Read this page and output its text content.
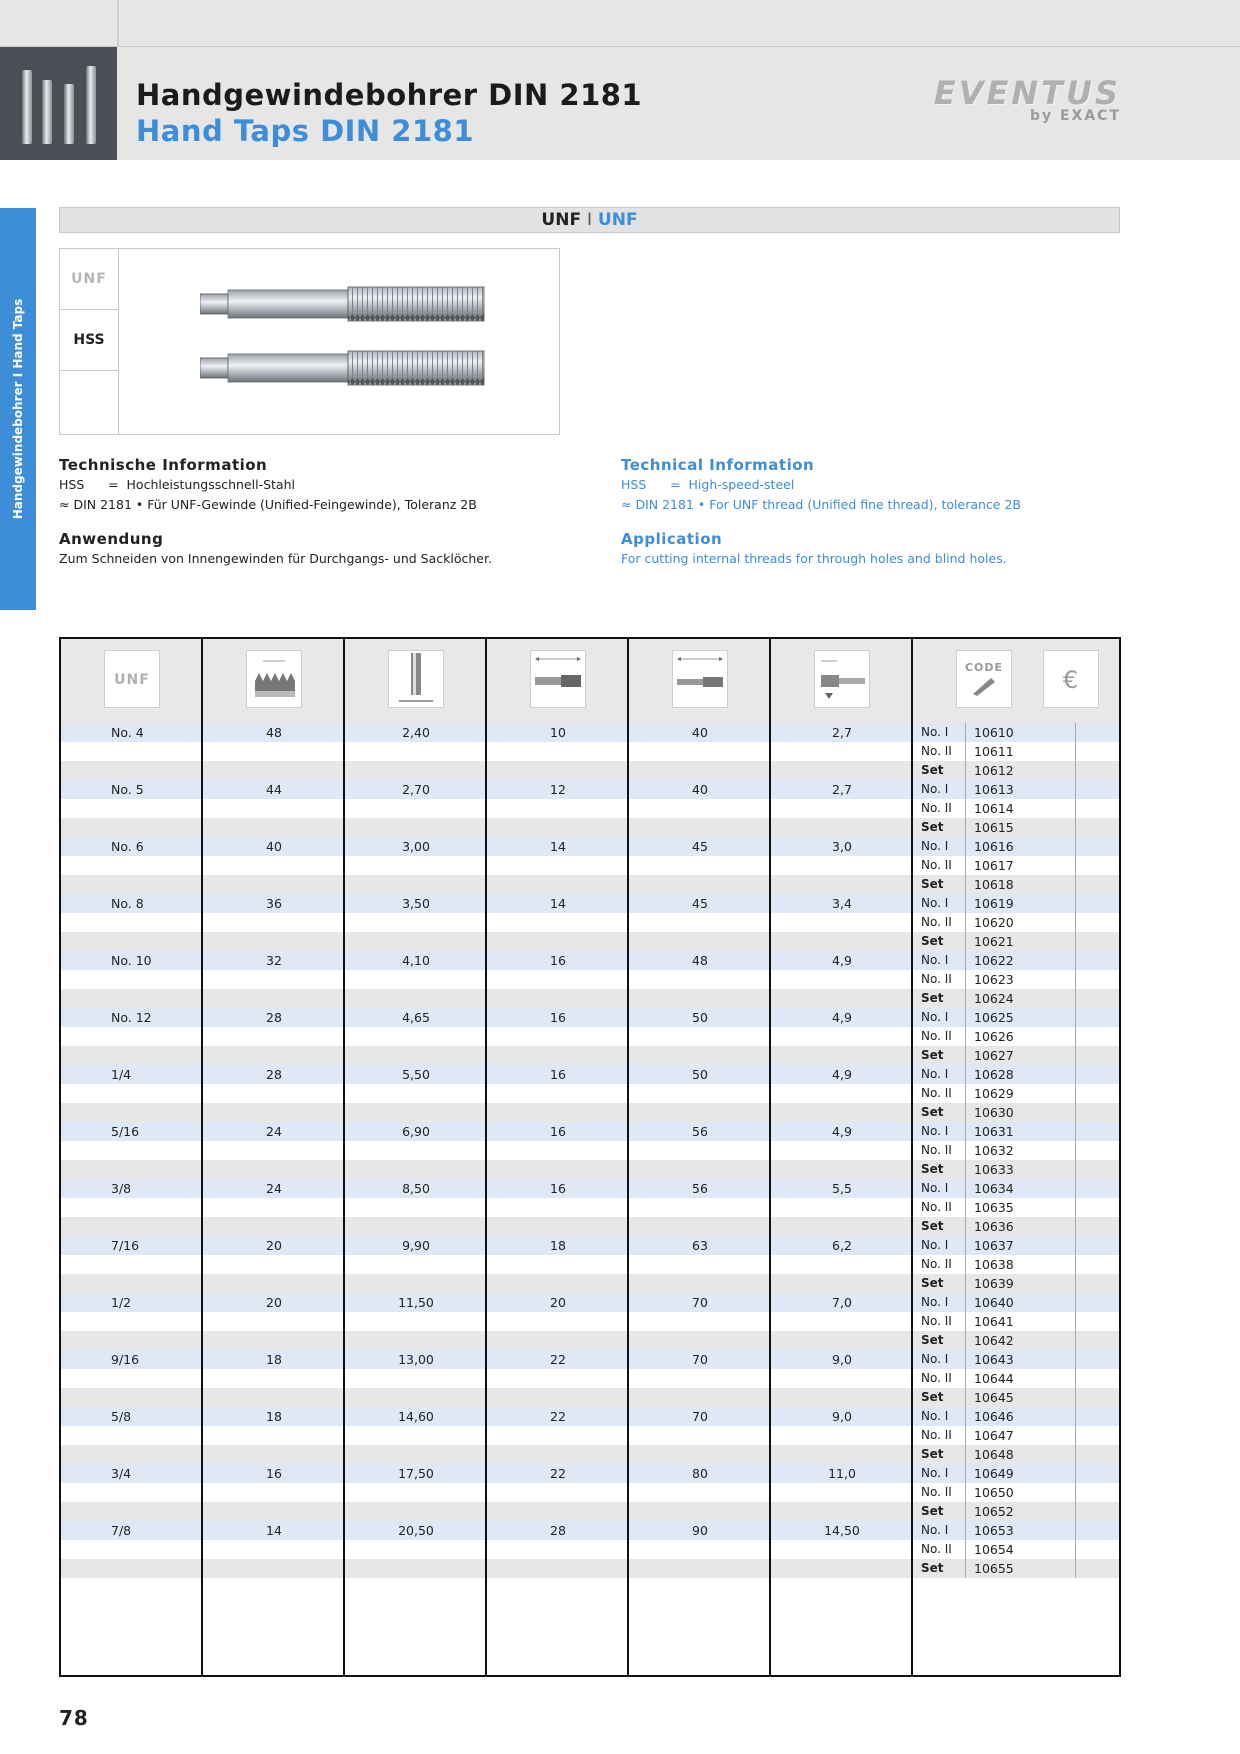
Handgewindebohrer DIN 2181
Hand Taps DIN 2181
EVENTUS
by EXACT
Handgewindebohrer I Hand Taps
UNF I UNF
UNF
HSS
Technische Information
HSS      =  Hochleistungsschnell-Stahl
≈ DIN 2181 • Für UNF-Gewinde (Unified-Feingewinde), Toleranz 2B
Anwendung
Zum Schneiden von Innengewinden für Durchgangs- und Sacklöcher.
Technical Information
HSS      =  High-speed-steel
≈ DIN 2181 • For UNF thread (Unified fine thread), tolerance 2B
Application
For cutting internal threads for through holes and blind holes.
UNF
CODE	€
No. 4	48	2,40	10	40	2,7	No. I	10610
No. II	10611
Set	10612
No. 5	44	2,70	12	40	2,7	No. I	10613
No. II	10614
Set	10615
No. 6	40	3,00	14	45	3,0	No. I	10616
No. II	10617
Set	10618
No. 8	36	3,50	14	45	3,4	No. I	10619
No. II	10620
Set	10621
No. 10	32	4,10	16	48	4,9	No. I	10622
No. II	10623
Set	10624
No. 12	28	4,65	16	50	4,9	No. I	10625
No. II	10626
Set	10627
1/4	28	5,50	16	50	4,9	No. I	10628
No. II	10629
Set	10630
5/16	24	6,90	16	56	4,9	No. I	10631
No. II	10632
Set	10633
3/8	24	8,50	16	56	5,5	No. I	10634
No. II	10635
Set	10636
7/16	20	9,90	18	63	6,2	No. I	10637
No. II	10638
Set	10639
1/2	20	11,50	20	70	7,0	No. I	10640
No. II	10641
Set	10642
9/16	18	13,00	22	70	9,0	No. I	10643
No. II	10644
Set	10645
5/8	18	14,60	22	70	9,0	No. I	10646
No. II	10647
Set	10648
3/4	16	17,50	22	80	11,0	No. I	10649
No. II	10650
Set	10652
7/8	14	20,50	28	90	14,50	No. I	10653
No. II	10654
Set	10655
78
